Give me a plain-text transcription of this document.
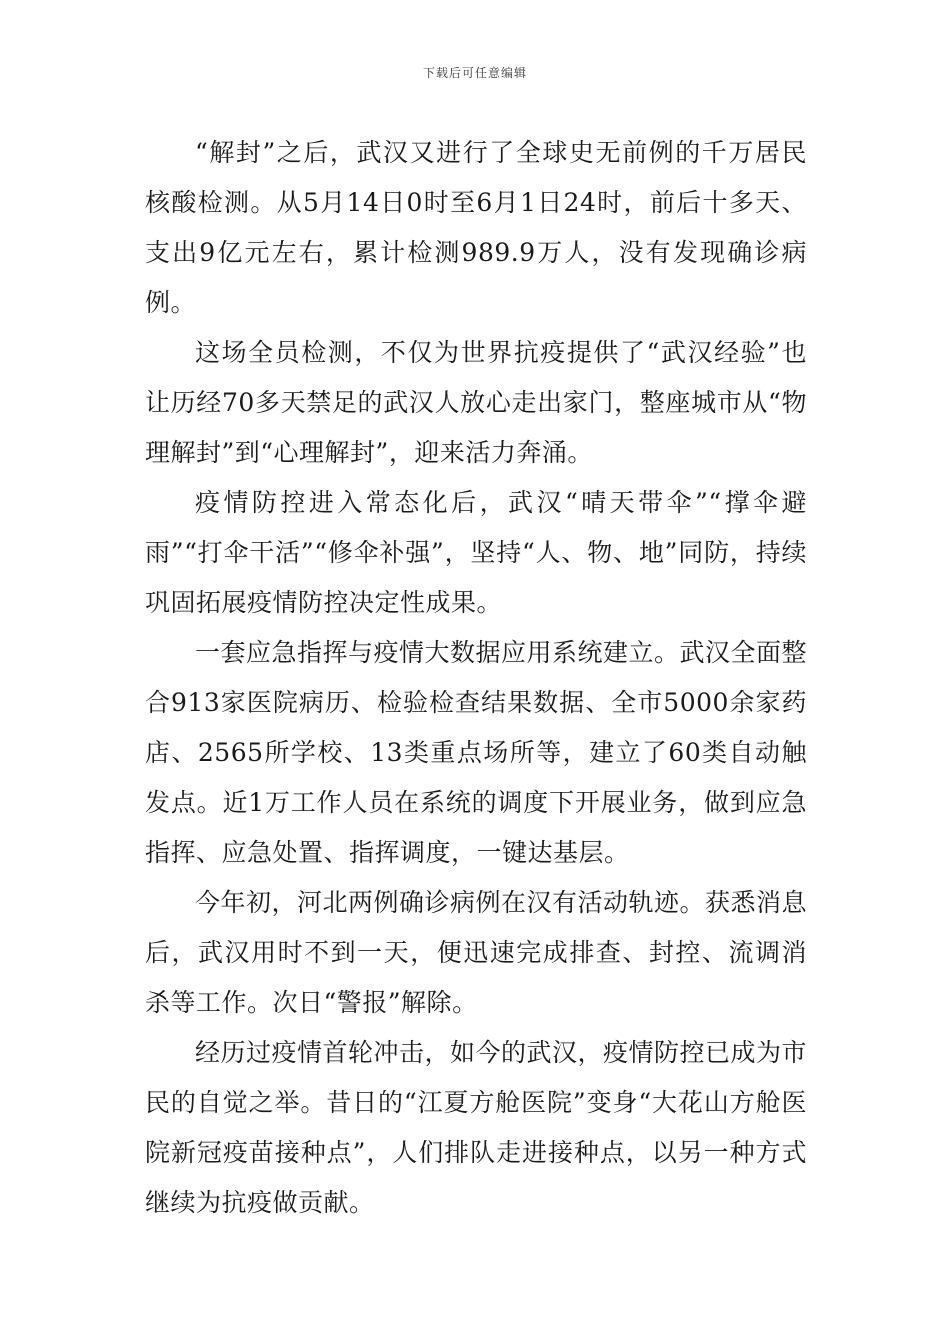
下载后可任意编辑

“解封”之后，武汉又进行了全球史无前例的千万居民核酸检测。从5月14日0时至6月1日24时，前后十多天、支出9亿元左右，累计检测989.9万人，没有发现确诊病例。

这场全员检测，不仅为世界抗疫提供了“武汉经验”也让历经70多天禁足的武汉人放心走出家门，整座城市从“物理解封”到“心理解封”，迎来活力奔涌。

疫情防控进入常态化后，武汉“晴天带伞”“撑伞避雨”“打伞干活”“修伞补强”，坚持“人、物、地”同防，持续巩固拓展疫情防控决定性成果。

一套应急指挥与疫情大数据应用系统建立。武汉全面整合913家医院病历、检验检查结果数据、全市5000余家药店、2565所学校、13类重点场所等，建立了60类自动触发点。近1万工作人员在系统的调度下开展业务，做到应急指挥、应急处置、指挥调度，一键达基层。

今年初，河北两例确诊病例在汉有活动轨迹。获悉消息后，武汉用时不到一天，便迅速完成排查、封控、流调消杀等工作。次日“警报”解除。

经历过疫情首轮冲击，如今的武汉，疫情防控已成为市民的自觉之举。昔日的“江夏方舱医院”变身“大花山方舱医院新冠疫苗接种点”，人们排队走进接种点，以另一种方式继续为抗疫做贡献。
